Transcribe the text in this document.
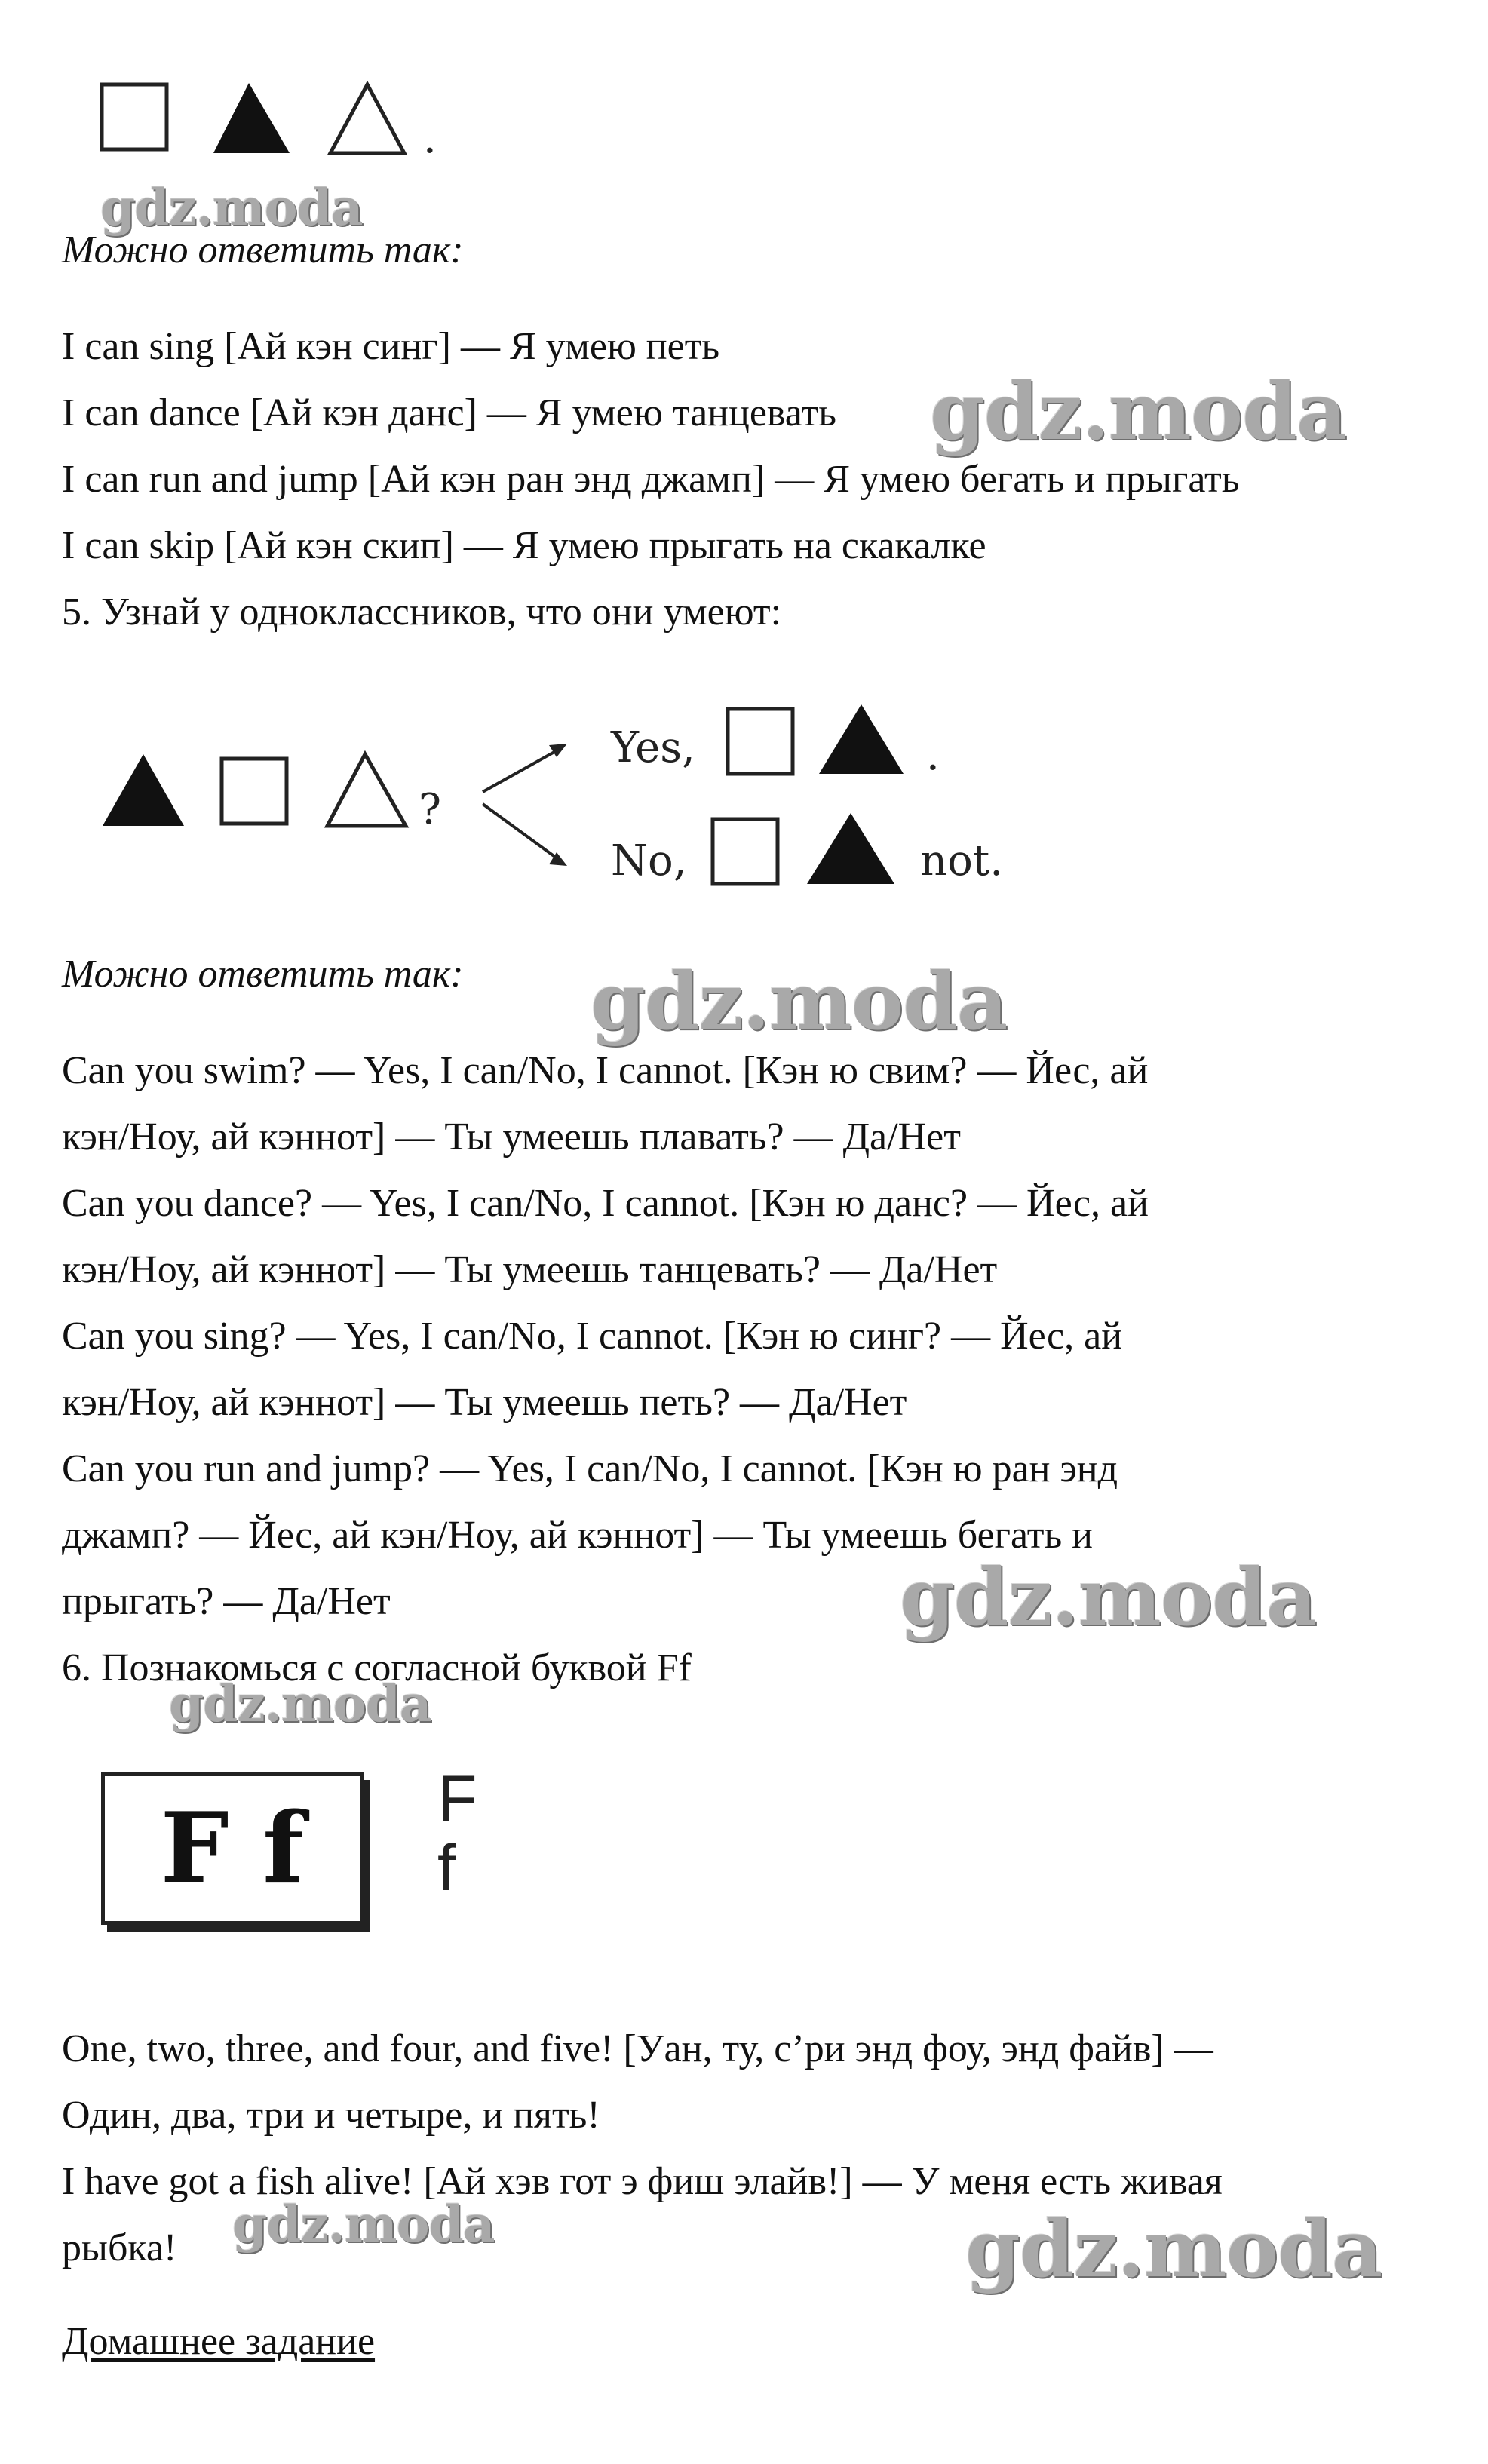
.
gdz.moda
gdz.moda
gdz.moda
gdz.moda
gdz.moda
gdz.moda	gdz.moda
Можно ответить так:
I can sing [Ай кэн синг] — Я умею петь
I can dance [Ай кэн данс] — Я умею танцевать
I can run and jump [Ай кэн ран энд джамп] — Я умею бегать и прыгать
I can skip [Ай кэн скип] — Я умею прыгать на скакалке
5. Узнай у одноклассников, что они умеют:
?
Yes,	.
No,	not.
Можно ответить так:
Can you swim? — Yes, I can/No, I cannot. [Кэн ю свим? — Йес, ай
кэн/Ноу, ай кэннот] — Ты умеешь плавать? — Да/Нет
Can you dance? — Yes, I can/No, I cannot. [Кэн ю данс? — Йес, ай
кэн/Ноу, ай кэннот] — Ты умеешь танцевать? — Да/Нет
Can you sing? — Yes, I can/No, I cannot. [Кэн ю синг? — Йес, ай
кэн/Ноу, ай кэннот] — Ты умеешь петь? — Да/Нет
Can you run and jump? — Yes, I can/No, I cannot. [Кэн ю ран энд
джамп? — Йес, ай кэн/Ноу, ай кэннот] — Ты умеешь бегать и
прыгать? — Да/Нет
6. Познакомься с согласной буквой Ff
F f	F
f
One, two, three, and four, and five! [Уан, ту, с’ри энд фоу, энд файв] —
Один, два, три и четыре, и пять!
I have got a fish alive! [Ай хэв гот э фиш элайв!] — У меня есть живая
рыбка!
Домашнее задание
